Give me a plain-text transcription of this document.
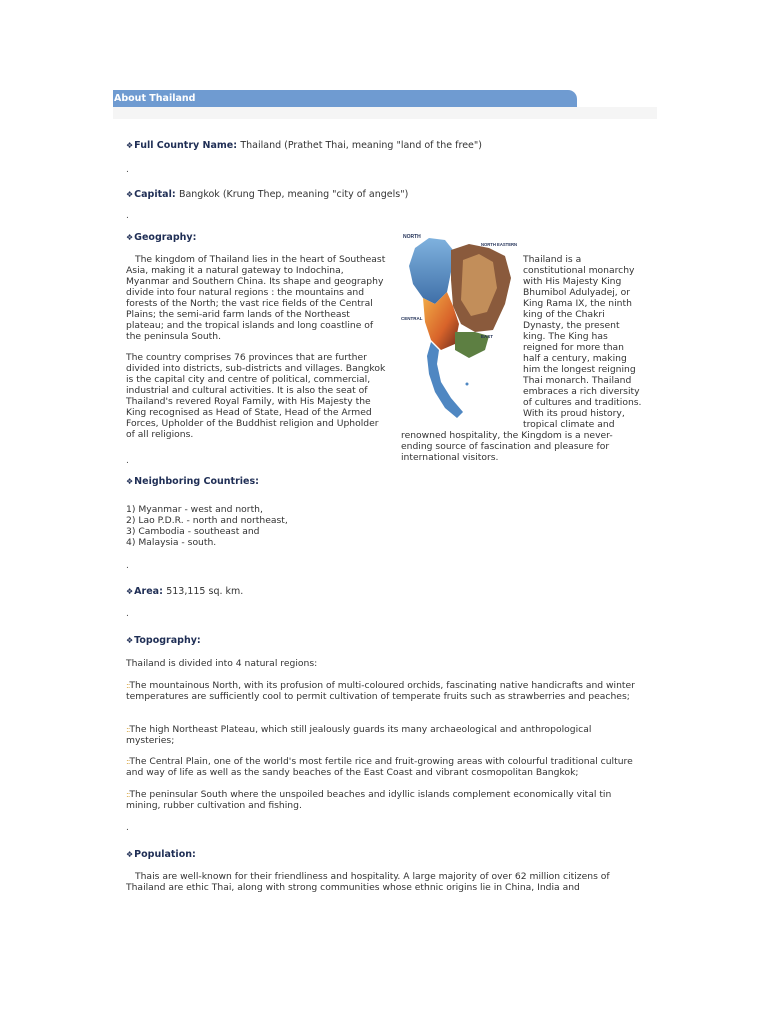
About Thailand
❖Full Country Name: Thailand (Prathet Thai, meaning "land of the free")
.
❖Capital: Bangkok (Krung Thep, meaning "city of angels")
.
❖Geography:

The kingdom of Thailand lies in the heart of Southeast Asia, making it a natural gateway to Indochina, Myanmar and Southern China. Its shape and geography divide into four natural regions : the mountains and forests of the North; the vast rice fields of the Central Plains; the semi-arid farm lands of the Northeast plateau; and the tropical islands and long coastline of the peninsula South.

The country comprises 76 provinces that are further divided into districts, sub-districts and villages. Bangkok is the capital city and centre of political, commercial, industrial and cultural activities. It is also the seat of Thailand's revered Royal Family, with His Majesty the King recognised as Head of State, Head of the Armed Forces, Upholder of the Buddhist religion and Upholder of all religions.

NORTH
NORTH EASTERN
CENTRAL
EAST

Thailand is a constitutional monarchy with His Majesty King Bhumibol Adulyadej, or King Rama IX, the ninth king of the Chakri Dynasty, the present king. The King has reigned for more than half a century, making him the longest reigning Thai monarch. Thailand embraces a rich diversity of cultures and traditions. With its proud history, tropical climate and renowned hospitality, the Kingdom is a never-ending source of fascination and pleasure for international visitors.

.
❖Neighboring Countries:
1) Myanmar - west and north,
2) Lao P.D.R. - north and northeast,
3) Cambodia - southeast and
4) Malaysia - south.
.
❖Area: 513,115 sq. km.
.
❖Topography:

Thailand is divided into 4 natural regions:

::The mountainous North, with its profusion of multi-coloured orchids, fascinating native handicrafts and winter temperatures are sufficiently cool to permit cultivation of temperate fruits such as strawberries and peaches;

::The high Northeast Plateau, which still jealously guards its many archaeological and anthropological mysteries;

::The Central Plain, one of the world's most fertile rice and fruit-growing areas with colourful traditional culture and way of life as well as the sandy beaches of the East Coast and vibrant cosmopolitan Bangkok;

::The peninsular South where the unspoiled beaches and idyllic islands complement economically vital tin mining, rubber cultivation and fishing.

.
❖Population:

Thais are well-known for their friendliness and hospitality. A large majority of over 62 million citizens of Thailand are ethic Thai, along with strong communities whose ethnic origins lie in China, India and
